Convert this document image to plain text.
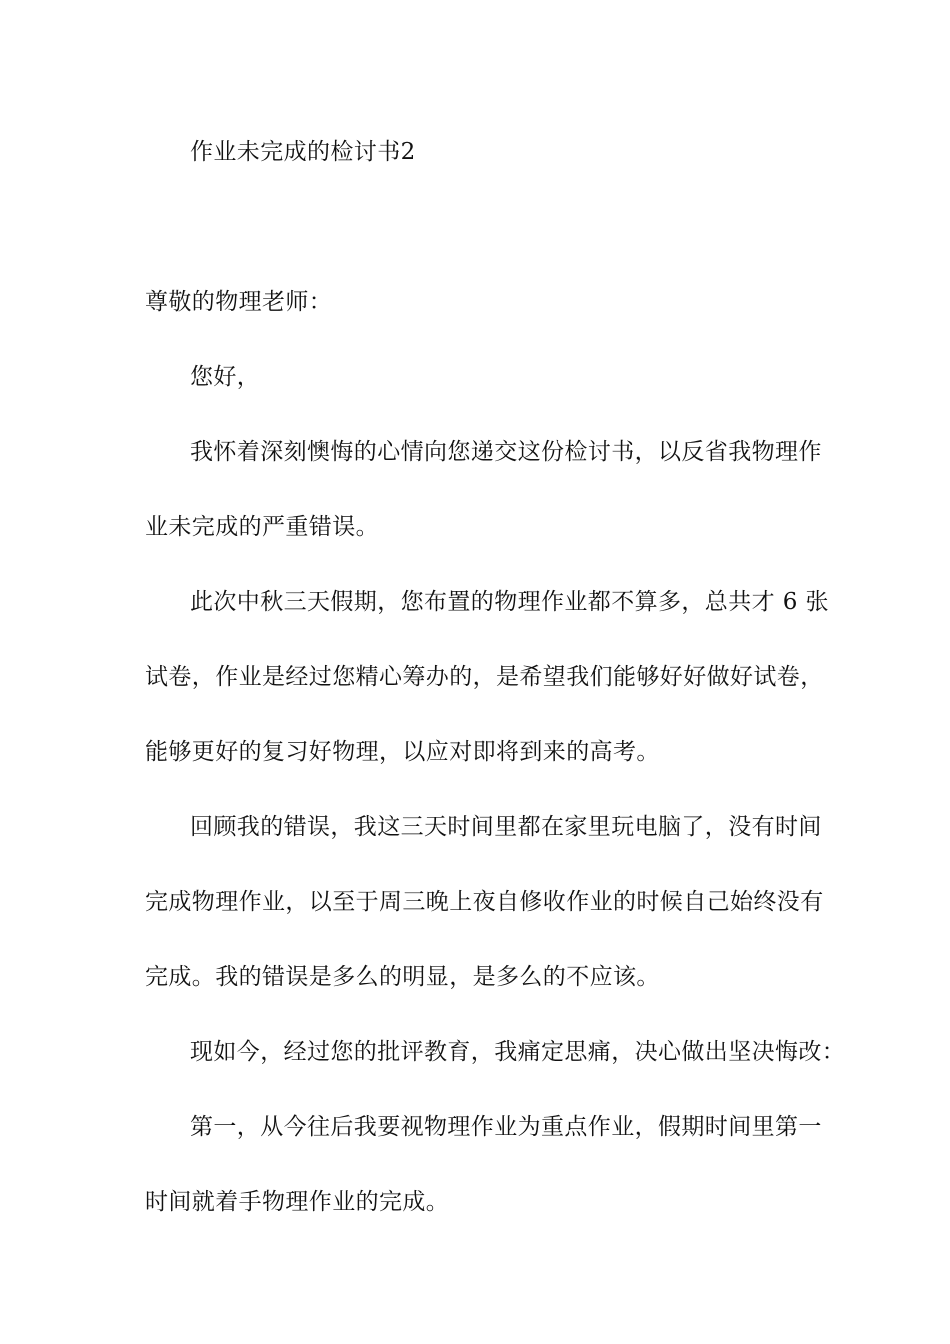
作业未完成的检讨书2
尊敬的物理老师：
您好，
我怀着深刻懊悔的心情向您递交这份检讨书，以反省我物理作
业未完成的严重错误。
此次中秋三天假期，您布置的物理作业都不算多，总共才 6 张
试卷，作业是经过您精心筹办的，是希望我们能够好好做好试卷，
能够更好的复习好物理，以应对即将到来的高考。
回顾我的错误，我这三天时间里都在家里玩电脑了，没有时间
完成物理作业，以至于周三晚上夜自修收作业的时候自己始终没有
完成。我的错误是多么的明显，是多么的不应该。
现如今，经过您的批评教育，我痛定思痛，决心做出坚决悔改：
第一，从今往后我要视物理作业为重点作业，假期时间里第一
时间就着手物理作业的完成。
